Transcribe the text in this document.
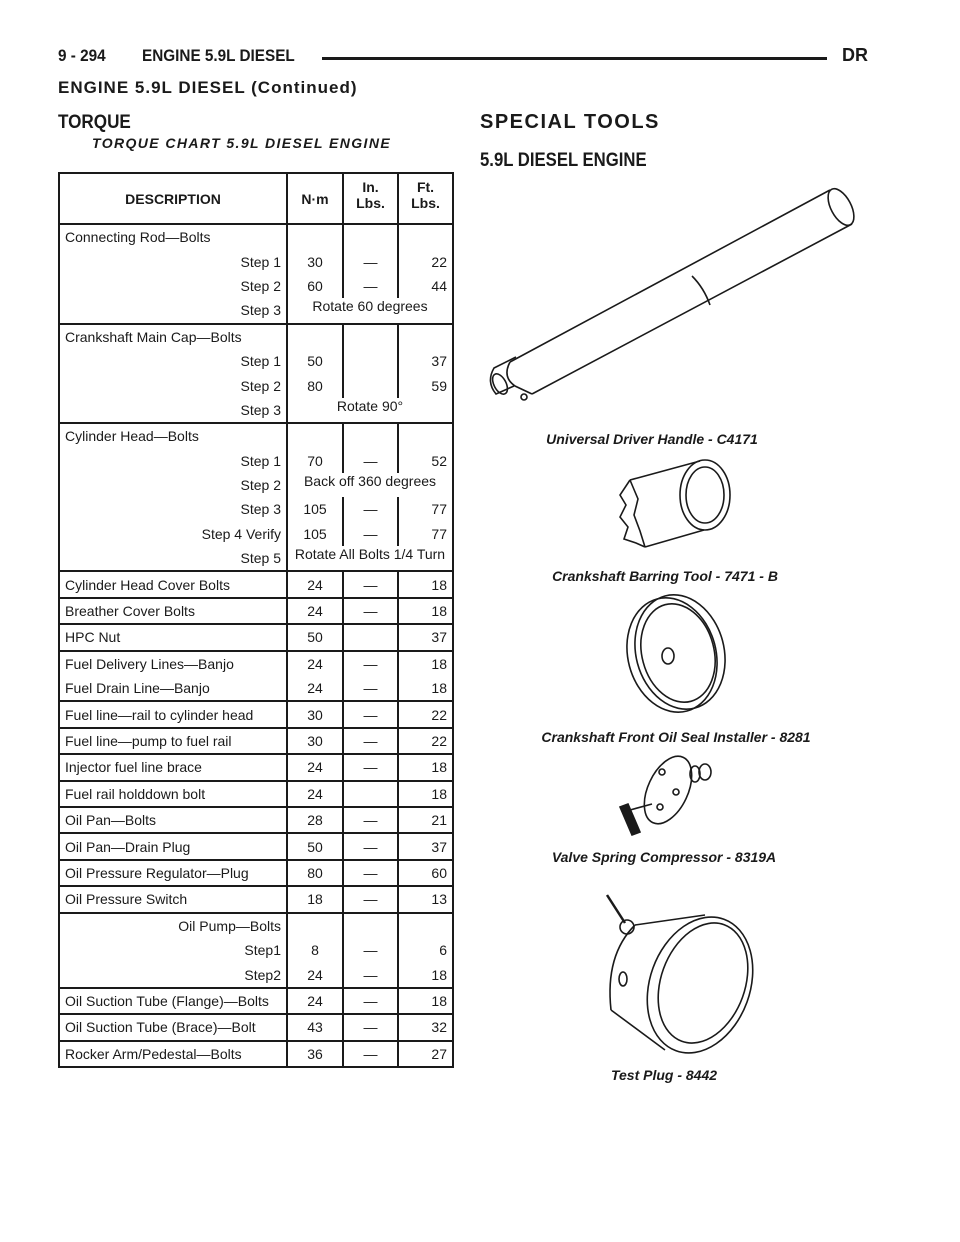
9 - 294 ENGINE 5.9L DIESEL	DR
ENGINE 5.9L DIESEL (Continued)
TORQUE
TORQUE CHART 5.9L DIESEL ENGINE
DESCRIPTION	N·m	In. Lbs.	Ft. Lbs.
Connecting Rod—Bolts			
Step 1	30	—	22
Step 2	60	—	44
Step 3	Rotate 60 degrees		
Crankshaft Main Cap—Bolts			
Step 1	50		37
Step 2	80		59
Step 3	Rotate 90°		
Cylinder Head—Bolts			
Step 1	70	—	52
Step 2	Back off 360 degrees		
Step 3	105	—	77
Step 4 Verify	105	—	77
Step 5	Rotate All Bolts 1/4 Turn		
Cylinder Head Cover Bolts	24	—	18
Breather Cover Bolts	24	—	18
HPC Nut	50		37
Fuel Delivery Lines—Banjo	24	—	18
Fuel Drain Line—Banjo	24	—	18
Fuel line—rail to cylinder head	30	—	22
Fuel line—pump to fuel rail	30	—	22
Injector fuel line brace	24	—	18
Fuel rail holddown bolt	24		18
Oil Pan—Bolts	28	—	21
Oil Pan—Drain Plug	50	—	37
Oil Pressure Regulator—Plug	80	—	60
Oil Pressure Switch	18	—	13
Oil Pump—Bolts			
Step1	8	—	6
Step2	24	—	18
Oil Suction Tube (Flange)—Bolts	24	—	18
Oil Suction Tube (Brace)—Bolt	43	—	32
Rocker Arm/Pedestal—Bolts	36	—	27
SPECIAL TOOLS
5.9L DIESEL ENGINE
Universal Driver Handle - C4171
Crankshaft Barring Tool - 7471 - B
Crankshaft Front Oil Seal Installer - 8281
Valve Spring Compressor - 8319A
Test Plug - 8442
